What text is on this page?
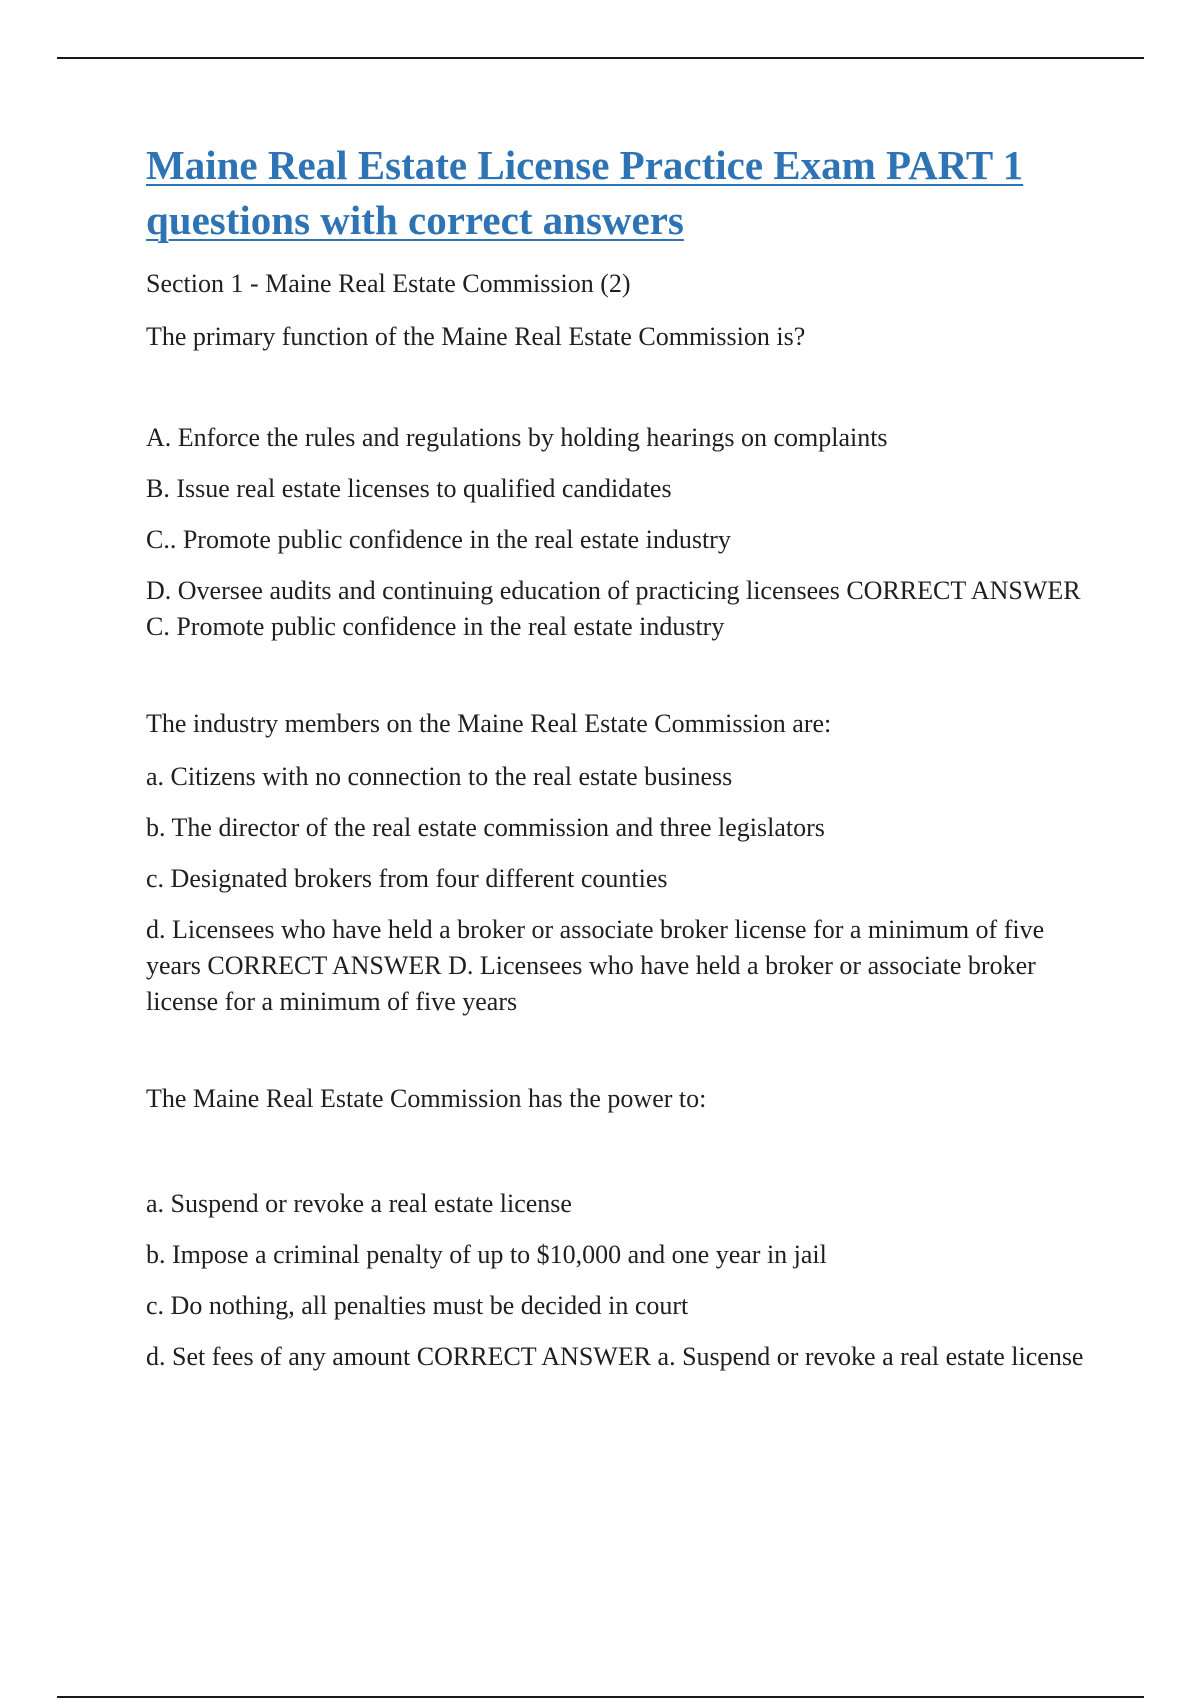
Maine Real Estate License Practice Exam PART 1 questions with correct answers

Section 1 - Maine Real Estate Commission (2)

The primary function of the Maine Real Estate Commission is?

A. Enforce the rules and regulations by holding hearings on complaints

B. Issue real estate licenses to qualified candidates

C.. Promote public confidence in the real estate industry

D. Oversee audits and continuing education of practicing licensees CORRECT ANSWER C. Promote public confidence in the real estate industry

The industry members on the Maine Real Estate Commission are:

a. Citizens with no connection to the real estate business

b. The director of the real estate commission and three legislators

c. Designated brokers from four different counties

d. Licensees who have held a broker or associate broker license for a minimum of five years CORRECT ANSWER D. Licensees who have held a broker or associate broker license for a minimum of five years

The Maine Real Estate Commission has the power to:

a. Suspend or revoke a real estate license

b. Impose a criminal penalty of up to $10,000 and one year in jail

c. Do nothing, all penalties must be decided in court

d. Set fees of any amount CORRECT ANSWER a. Suspend or revoke a real estate license
